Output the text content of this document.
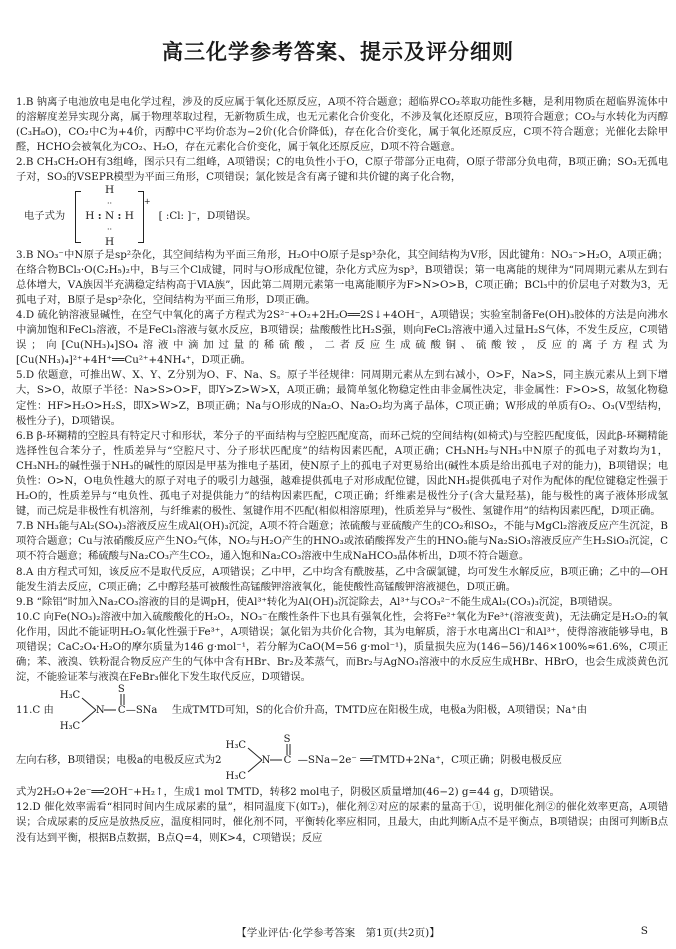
高三化学参考答案、提示及评分细则

1.B 钠离子电池放电是电化学过程，涉及的反应属于氧化还原反应，A项不符合题意；超临界CO₂萃取功能性多糖，是利用物质在超临界流体中的溶解度差异实现分离，属于物理萃取过程，无新物质生成，也无元素化合价变化，不涉及氧化还原反应，B项符合题意；CO₂与水转化为丙醇(C₃H₈O)，CO₂中C为+4价，丙醇中C平均价态为−2价(化合价降低)，存在化合价变化，属于氧化还原反应，C项不符合题意；光催化去除甲醛，HCHO会被氧化为CO₂、H₂O，存在元素化合价变化，属于氧化还原反应，D项不符合题意。

2.B CH₃CH₂OH有3组峰，图示只有二组峰，A项错误；C的电负性小于O，C原子带部分正电荷，O原子带部分负电荷，B项正确；SO₃无孤电子对，SO₃的VSEPR模型为平面三角形，C项错误；氯化铵是含有离子键和共价键的离子化合物，

电子式为
H
··
H : N : H
··
H
+
[ :Cl: ]⁻ ，D项错误。

3.B NO₃⁻中N原子是sp²杂化，其空间结构为平面三角形，H₂O中O原子是sp³杂化，其空间结构为V形，因此键角：NO₃⁻>H₂O，A项正确；在络合物BCl₃·O(C₂H₅)₂中，B与三个Cl成键，同时与O形成配位键，杂化方式应为sp³，B项错误；第一电离能的规律为“同周期元素从左到右总体增大，ⅤA族因半充满稳定结构高于ⅥA族”，因此第二周期元素第一电离能顺序为F>N>O>B，C项正确；BCl₃中的价层电子对数为3，无孤电子对，B原子是sp²杂化，空间结构为平面三角形，D项正确。

4.D 硫化钠溶液显碱性，在空气中氧化的离子方程式为2S²⁻+O₂+2H₂O══2S↓+4OH⁻，A项错误；实验室制备Fe(OH)₃胶体的方法是向沸水中滴加饱和FeCl₃溶液，不是FeCl₃溶液与氨水反应，B项错误；盐酸酸性比H₂S强，则向FeCl₂溶液中通入过量H₂S气体，不发生反应，C项错误；向[Cu(NH₃)₄]SO₄溶液中滴加过量的稀硫酸，二者反应生成硫酸铜、硫酸铵，反应的离子方程式为[Cu(NH₃)₄]²⁺+4H⁺══Cu²⁺+4NH₄⁺，D项正确。

5.D 依题意，可推出W、X、Y、Z分别为O、F、Na、S。原子半径规律：同周期元素从左到右减小，O>F，Na>S，同主族元素从上到下增大，S>O，故原子半径：Na>S>O>F，即Y>Z>W>X，A项正确；最简单氢化物稳定性由非金属性决定，非金属性：F>O>S，故氢化物稳定性：HF>H₂O>H₂S，即X>W>Z，B项正确；Na与O形成的Na₂O、Na₂O₂均为离子晶体，C项正确；W形成的单质有O₂、O₃(V型结构，极性分子)，D项错误。

6.B β-环糊精的空腔具有特定尺寸和形状，苯分子的平面结构与空腔匹配度高，而环己烷的空间结构(如椅式)与空腔匹配度低，因此β-环糊精能选择性包合苯分子，性质差异与“空腔尺寸、分子形状匹配度”的结构因素匹配，A项正确；CH₃NH₂与NH₃中N原子的孤电子对数均为1，CH₃NH₂的碱性强于NH₃的碱性的原因是甲基为推电子基团，使N原子上的孤电子对更易给出(碱性本质是给出孤电子对的能力)，B项错误；电负性：O>N，O电负性越大的原子对电子的吸引力越强，越难提供孤电子对形成配位键，因此NH₃提供孤电子对作为配体的配位键稳定性强于H₂O的，性质差异与“电负性、孤电子对提供能力”的结构因素匹配，C项正确；纤维素是极性分子(含大量羟基)，能与极性的离子液体形成氢键，而己烷是非极性有机溶剂，与纤维素的极性、氢键作用不匹配(相似相溶原理)，性质差异与“极性、氢键作用”的结构因素匹配，D项正确。

7.B NH₃能与Al₂(SO₄)₃溶液反应生成Al(OH)₃沉淀，A项不符合题意；浓硫酸与亚硫酸产生的CO₂和SO₂，不能与MgCl₂溶液反应产生沉淀，B项符合题意；Cu与浓硝酸反应产生NO₂气体，NO₂与H₂O产生的HNO₃或浓硝酸挥发产生的HNO₃能与Na₂SiO₃溶液反应产生H₂SiO₃沉淀，C项不符合题意；稀硫酸与Na₂CO₃产生CO₂，通入饱和Na₂CO₃溶液中生成NaHCO₃晶体析出，D项不符合题意。

8.A 由方程式可知，该反应不是取代反应，A项错误；乙中甲，乙中均含有酰胺基，乙中含碳氯键，均可发生水解反应，B项正确；乙中的—OH能发生消去反应，C项正确；乙中醇羟基可被酸性高锰酸钾溶液氧化，能使酸性高锰酸钾溶液褪色，D项正确。

9.B “除铝”时加入Na₂CO₃溶液的目的是调pH，使Al³⁺转化为Al(OH)₃沉淀除去，Al³⁺与CO₃²⁻不能生成Al₂(CO₃)₃沉淀，B项错误。

10.C 向Fe(NO₃)₂溶液中加入硫酸酸化的H₂O₂，NO₃⁻在酸性条件下也具有强氧化性，会将Fe²⁺氧化为Fe³⁺(溶液变黄)，无法确定是H₂O₂的氧化作用，因此不能证明H₂O₂氧化性强于Fe³⁺，A项错误；氯化铝为共价化合物，其为电解质，溶于水电离出Cl⁻和Al³⁺，使得溶液能够导电，B项错误；CaC₂O₄·H₂O的摩尔质量为146 g·mol⁻¹，若分解为CaO(M=56 g·mol⁻¹)，质量损失应为(146−56)/146×100%≈61.6%，C项正确；苯、液溴、铁粉混合物反应产生的气体中含有HBr、Br₂及苯蒸气，而Br₂与AgNO₃溶液中的水反应生成HBr、HBrO，也会生成淡黄色沉淀，不能验证苯与液溴在FeBr₃催化下发生取代反应，D项错误。

11.C 由
H₃C
H₃C
N C
S
—SNa 生成TMTD可知，S的化合价升高，TMTD应在阳极生成，电极a为阳极，A项错误；Na⁺由
左向右移，B项错误；电极a的电极反应式为2
H₃C
H₃C
N C
S
—SNa−2e⁻ ══TMTD+2Na⁺，C项正确；阴极电极反应

式为2H₂O+2e⁻══2OH⁻+H₂↑，生成1 mol TMTD，转移2 mol电子，阴极区质量增加(46−2) g=44 g，D项错误。

12.D 催化效率需看“相同时间内生成尿素的量”，相同温度下(如T₂)，催化剂②对应的尿素的量高于①，说明催化剂②的催化效率更高，A项错误；合成尿素的反应是放热反应，温度相同时，催化剂不同，平衡转化率应相同，且最大，由此判断A点不是平衡点，B项错误；由图可判断B点没有达到平衡，根据B点数据，B点Q=4，则K>4，C项错误；反应

【学业评估·化学参考答案　第1页(共2页)】	S
